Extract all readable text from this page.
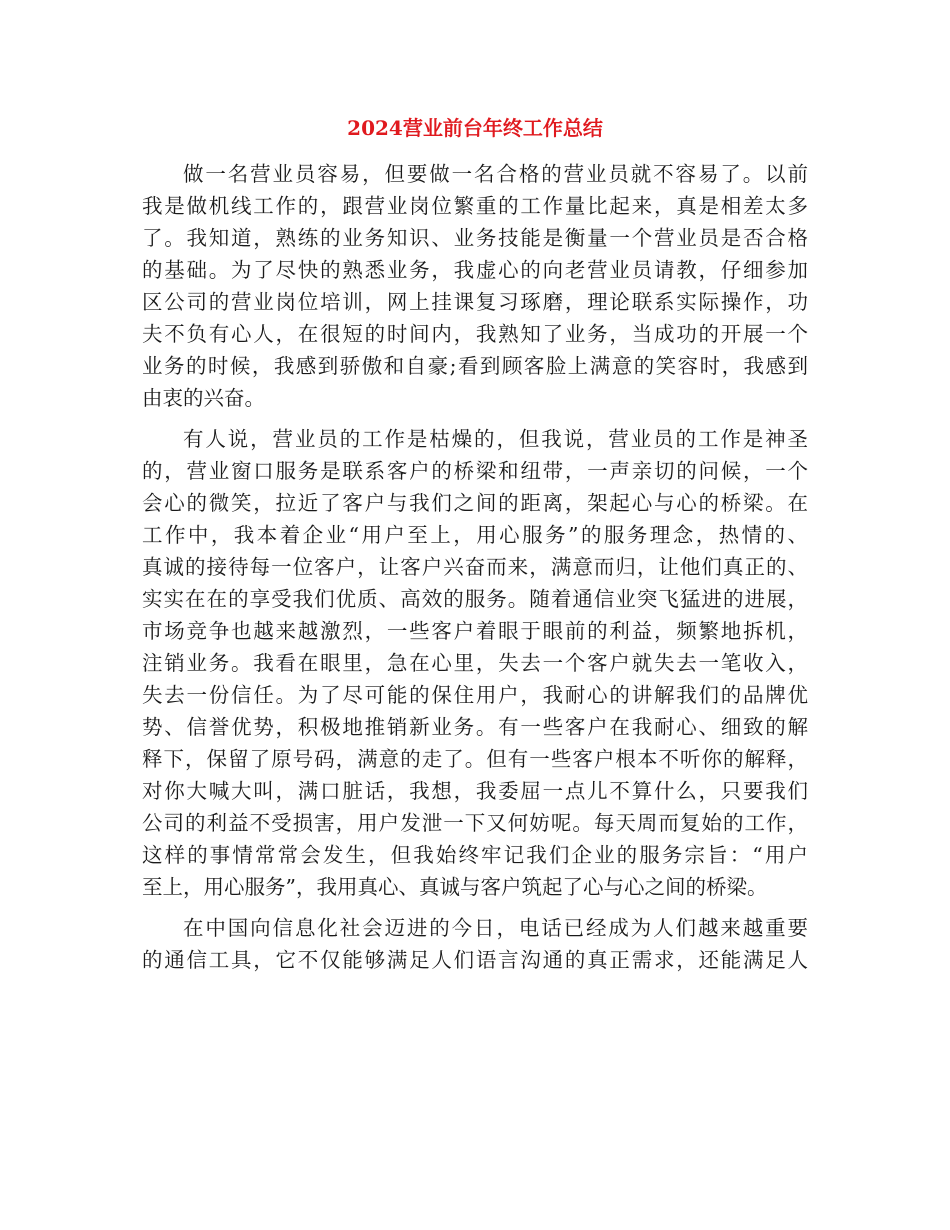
2024营业前台年终工作总结

做一名营业员容易，但要做一名合格的营业员就不容易了。以前
我是做机线工作的，跟营业岗位繁重的工作量比起来，真是相差太多
了。我知道，熟练的业务知识、业务技能是衡量一个营业员是否合格
的基础。为了尽快的熟悉业务，我虚心的向老营业员请教，仔细参加
区公司的营业岗位培训，网上挂课复习琢磨，理论联系实际操作，功
夫不负有心人，在很短的时间内，我熟知了业务，当成功的开展一个
业务的时候，我感到骄傲和自豪;看到顾客脸上满意的笑容时，我感到
由衷的兴奋。

有人说，营业员的工作是枯燥的，但我说，营业员的工作是神圣
的，营业窗口服务是联系客户的桥梁和纽带，一声亲切的问候，一个
会心的微笑，拉近了客户与我们之间的距离，架起心与心的桥梁。在
工作中，我本着企业“用户至上，用心服务”的服务理念，热情的、
真诚的接待每一位客户，让客户兴奋而来，满意而归，让他们真正的、
实实在在的享受我们优质、高效的服务。随着通信业突飞猛进的进展，
市场竞争也越来越激烈，一些客户着眼于眼前的利益，频繁地拆机，
注销业务。我看在眼里，急在心里，失去一个客户就失去一笔收入，
失去一份信任。为了尽可能的保住用户，我耐心的讲解我们的品牌优
势、信誉优势，积极地推销新业务。有一些客户在我耐心、细致的解
释下，保留了原号码，满意的走了。但有一些客户根本不听你的解释，
对你大喊大叫，满口脏话，我想，我委屈一点儿不算什么，只要我们
公司的利益不受损害，用户发泄一下又何妨呢。每天周而复始的工作，
这样的事情常常会发生，但我始终牢记我们企业的服务宗旨：“用户
至上，用心服务”，我用真心、真诚与客户筑起了心与心之间的桥梁。

在中国向信息化社会迈进的今日，电话已经成为人们越来越重要
的通信工具，它不仅能够满足人们语言沟通的真正需求，还能满足人
